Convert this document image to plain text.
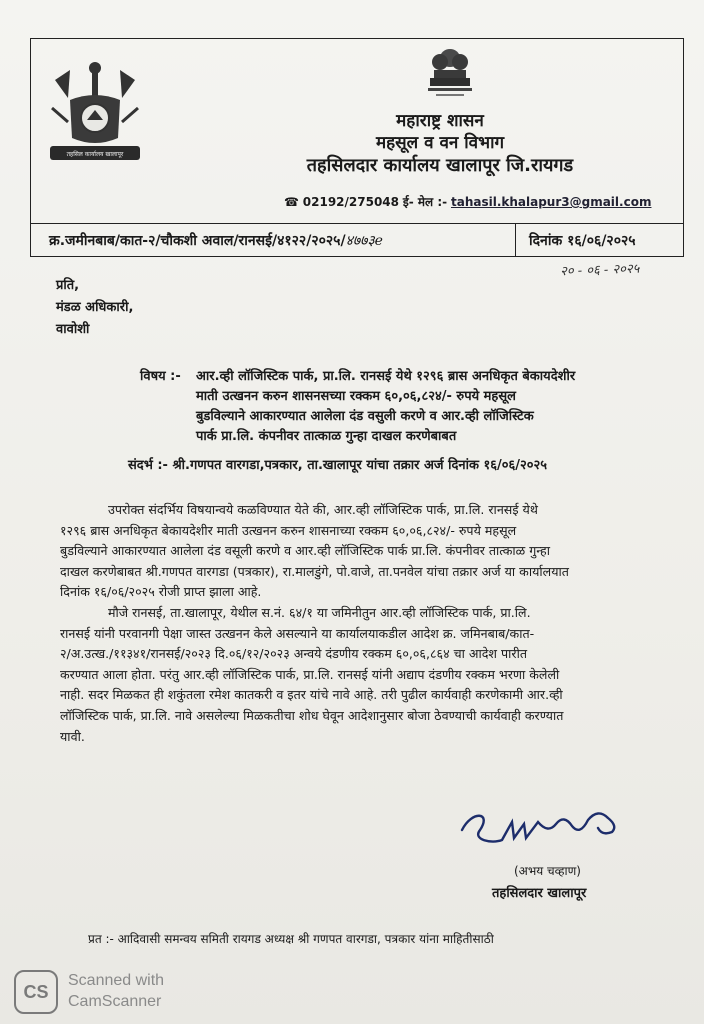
तहसिल कार्यालय खालापूर
महाराष्ट्र शासन
महसूल व वन विभाग
तहसिलदार कार्यालय खालापूर जि.रायगड
☎ 02192/275048 ई- मेल :- tahasil.khalapur3@gmail.com
क्र.जमीनबाब/कात-२/चौकशी अवाल/रानसई/४१२२/२०२५/४७७३e	दिनांक १६/०६/२०२५
२० - ०६ - २०२५
प्रति,
मंडळ अधिकारी,
वावोशी
विषय :- आर.व्ही लॉजिस्टिक पार्क, प्रा.लि. रानसई येथे १२९६ ब्रास अनधिकृत बेकायदेशीर
माती उत्खनन करुन शासनसच्या रक्कम ६०,०६,८२४/- रुपये महसूल
बुडविल्याने आकारण्यात आलेला दंड वसुली करणे व आर.व्ही लॉजिस्टिक
पार्क प्रा.लि. कंपनीवर तात्काळ गुन्हा दाखल करणेबाबत
संदर्भ :- श्री.गणपत वारगडा,पत्रकार, ता.खालापूर यांचा तक्रार अर्ज दिनांक १६/०६/२०२५
उपरोक्त संदर्भिय विषयान्वये कळविण्यात येते की, आर.व्ही लॉजिस्टिक पार्क, प्रा.लि. रानसई येथे
१२९६ ब्रास अनधिकृत बेकायदेशीर माती उत्खनन करुन शासनाच्या रक्कम ६०,०६,८२४/- रुपये महसूल
बुडविल्याने आकारण्यात आलेला दंड वसूली करणे व आर.व्ही लॉजिस्टिक पार्क प्रा.लि. कंपनीवर तात्काळ गुन्हा
दाखल करणेबाबत श्री.गणपत वारगडा (पत्रकार), रा.मालडुंगे, पो.वाजे, ता.पनवेल यांचा तक्रार अर्ज या कार्यालयात
दिनांक १६/०६/२०२५ रोजी प्राप्त झाला आहे.
मौजे रानसई, ता.खालापूर, येथील स.नं. ६४/१ या जमिनीतुन आर.व्ही लॉजिस्टिक पार्क, प्रा.लि.
रानसई यांनी परवानगी पेक्षा जास्त उत्खनन केले असल्याने या कार्यालयाकडील आदेश क्र. जमिनबाब/कात-
२/अ.उत्ख./११३४१/रानसई/२०२३ दि.०६/१२/२०२३ अन्वये दंडणीय रक्कम ६०,०६,८६४ चा आदेश पारीत
करण्यात आला होता. परंतु आर.व्ही लॉजिस्टिक पार्क, प्रा.लि. रानसई यांनी अद्याप दंडणीय रक्कम भरणा केलेली
नाही. सदर मिळकत ही शकुंतला रमेश कातकरी व इतर यांचे नावे आहे. तरी पुढील कार्यवाही करणेकामी आर.व्ही
लॉजिस्टिक पार्क, प्रा.लि. नावे असलेल्या मिळकतीचा शोध घेवून आदेशानुसार बोजा ठेवण्याची कार्यवाही करण्यात
यावी.
(अभय चव्हाण)
तहसिलदार खालापूर
प्रत :- आदिवासी समन्वय समिती रायगड अध्यक्ष श्री गणपत वारगडा, पत्रकार यांना माहितीसाठी
CS
Scanned with
CamScanner
